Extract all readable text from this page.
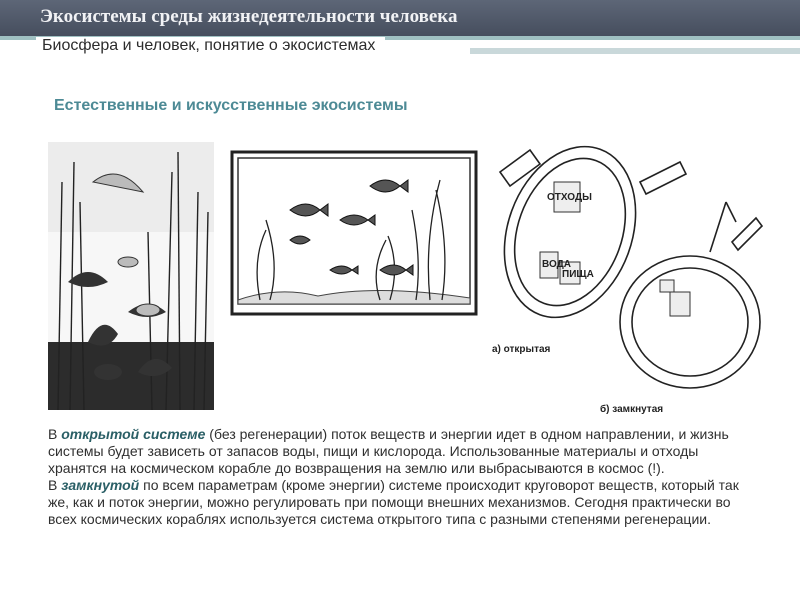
Экосистемы среды жизнедеятельности человека
Биосфера и человек, понятие о экосистемах
Естественные и искусственные экосистемы
ОТХОДЫ
ВОДА
ПИЩА
а) открытая
б) замкнутая

В открытой системе (без регенерации) поток веществ и энергии идет в одном направлении, и жизнь системы будет зависеть от запасов воды, пищи и кислорода. Использованные материалы и отходы хранятся на космическом корабле до возвращения на землю или выбрасываются в космос (!).

В замкнутой по всем параметрам (кроме энергии) системе происходит круговорот веществ, который так же, как и поток энергии, можно регулировать при помощи внешних механизмов. Сегодня практически во всех космических кораблях используется система открытого типа с разными степенями регенерации.
